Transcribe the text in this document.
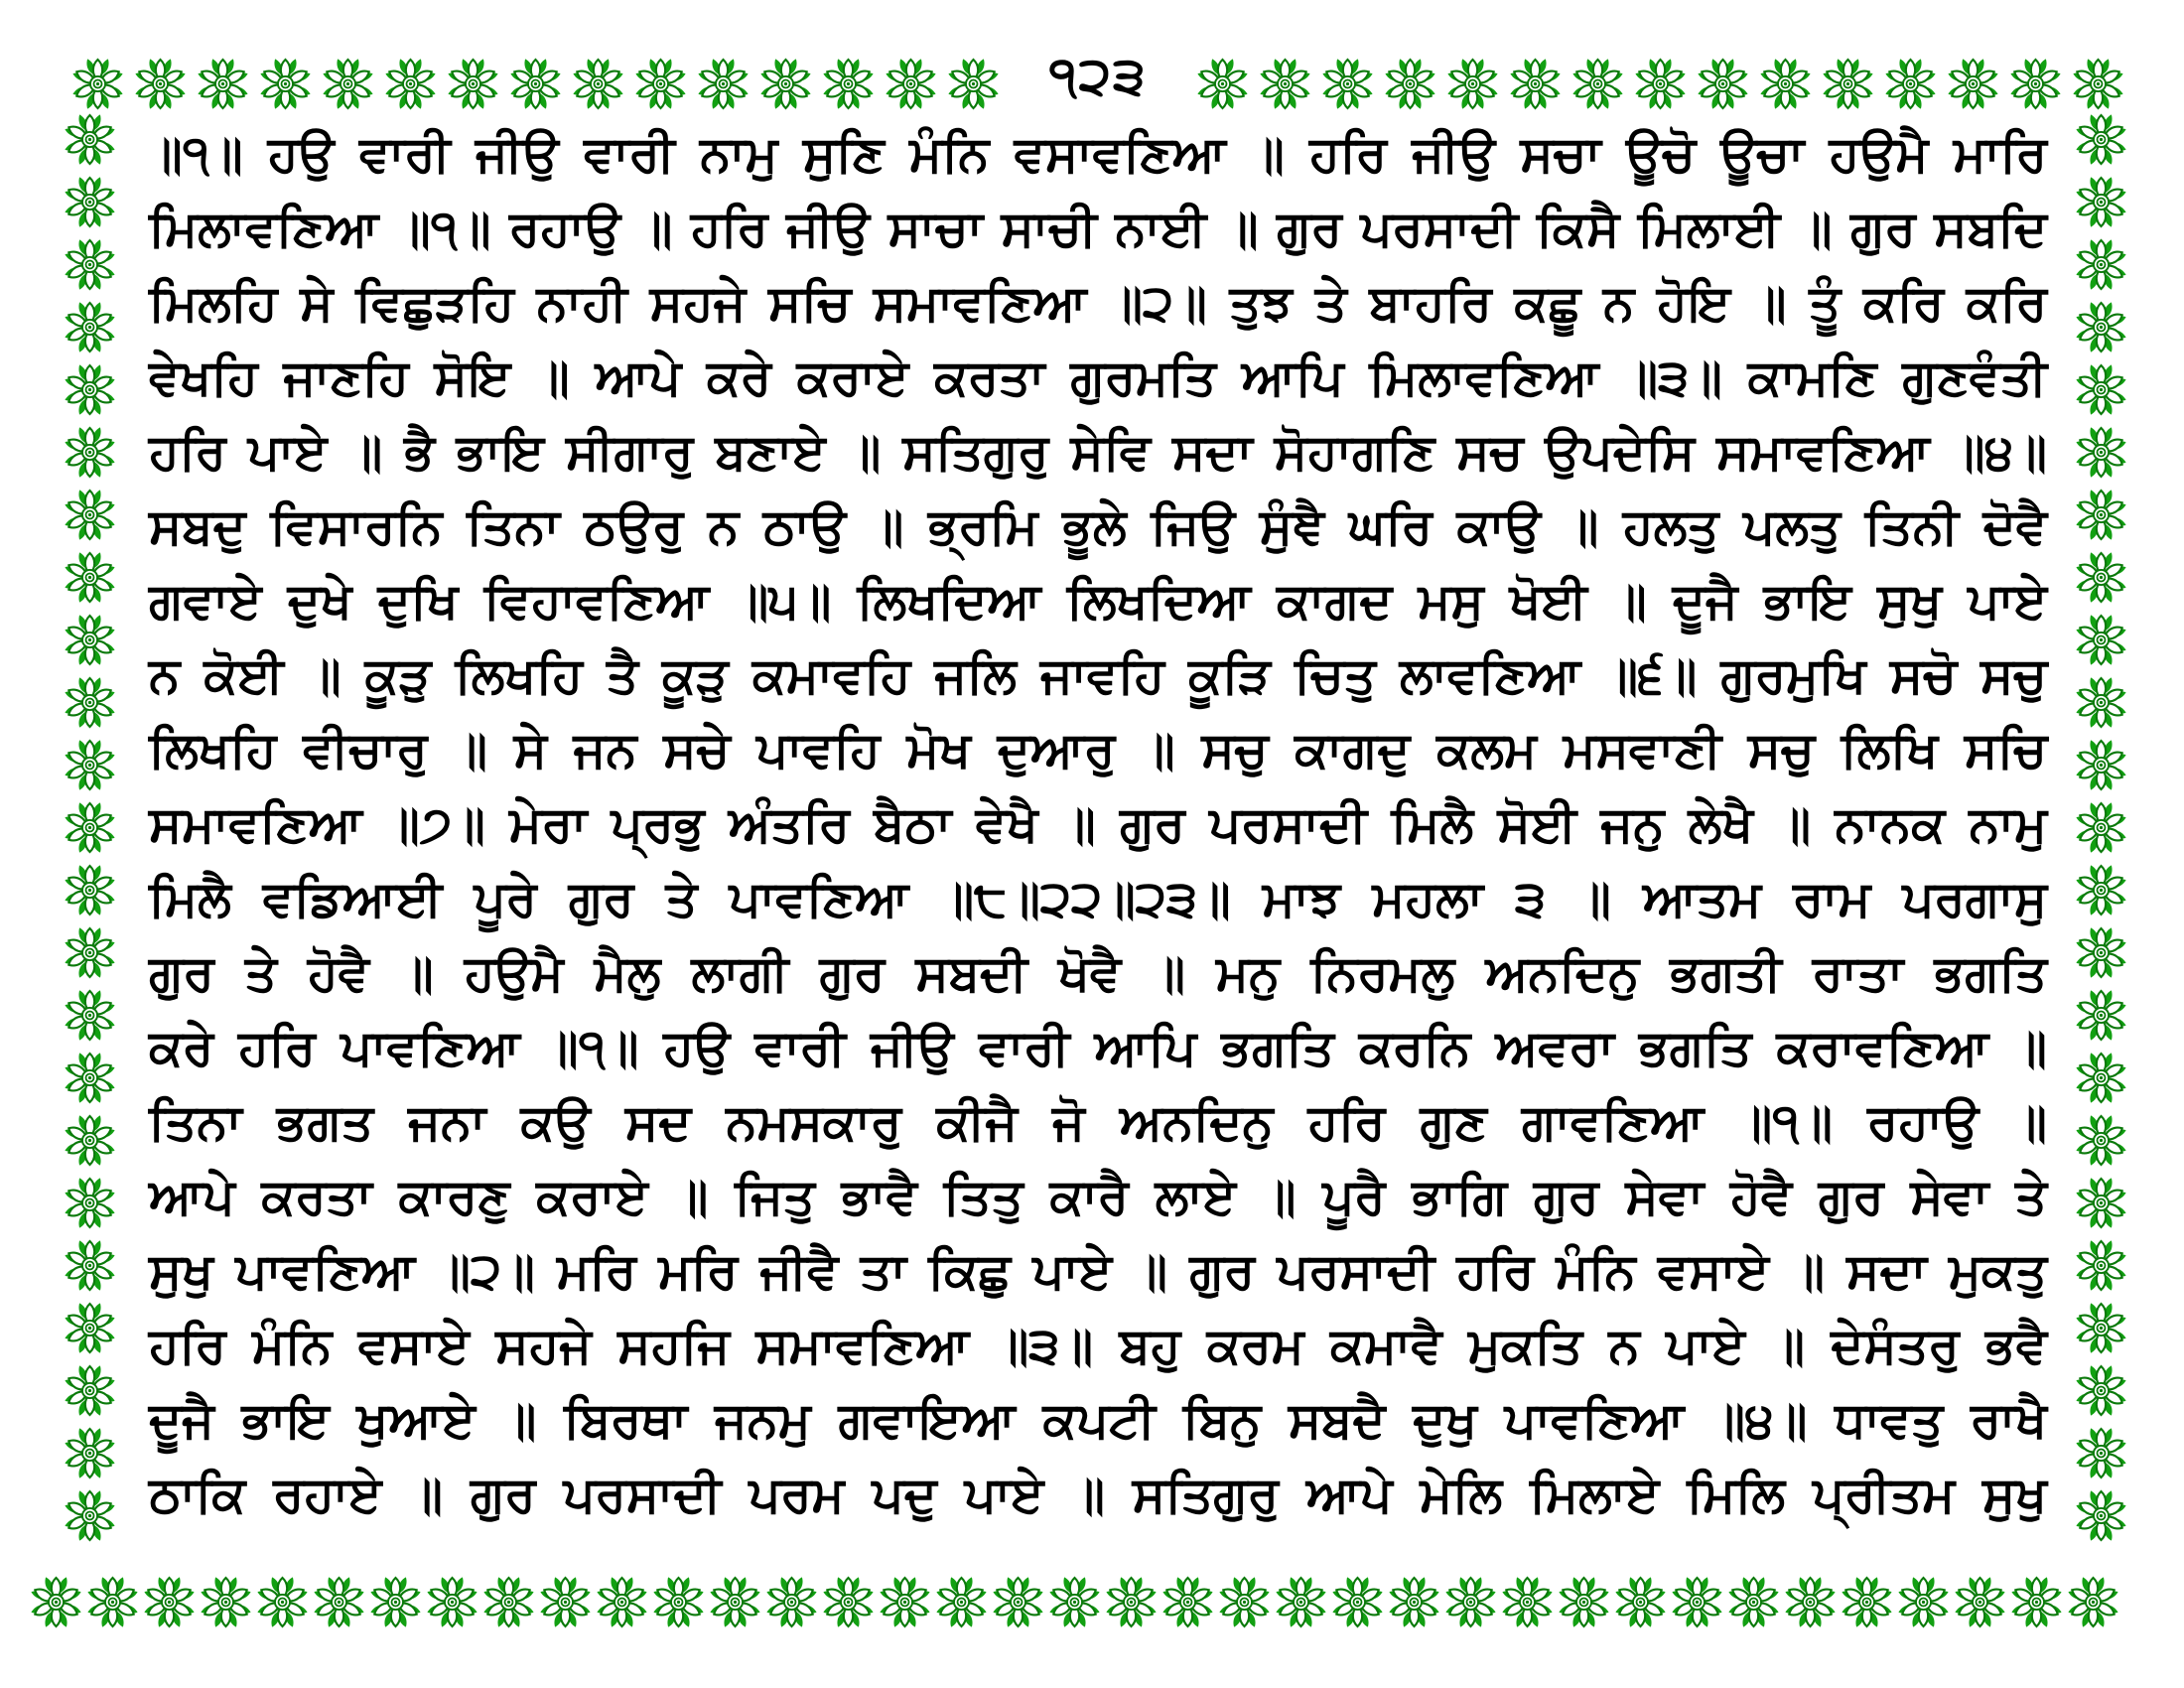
੧੨੩
॥੧॥ ਹਉ ਵਾਰੀ ਜੀਉ ਵਾਰੀ ਨਾਮੁ ਸੁਣਿ ਮੰਨਿ ਵਸਾਵਣਿਆ ॥ ਹਰਿ ਜੀਉ ਸਚਾ ਊਚੋ ਊਚਾ ਹਉਮੈ ਮਾਰਿ
ਮਿਲਾਵਣਿਆ ॥੧॥ ਰਹਾਉ ॥ ਹਰਿ ਜੀਉ ਸਾਚਾ ਸਾਚੀ ਨਾਈ ॥ ਗੁਰ ਪਰਸਾਦੀ ਕਿਸੈ ਮਿਲਾਈ ॥ ਗੁਰ ਸਬਦਿ
ਮਿਲਹਿ ਸੇ ਵਿਛੁੜਹਿ ਨਾਹੀ ਸਹਜੇ ਸਚਿ ਸਮਾਵਣਿਆ ॥੨॥ ਤੁਝ ਤੇ ਬਾਹਰਿ ਕਛੂ ਨ ਹੋਇ ॥ ਤੂੰ ਕਰਿ ਕਰਿ
ਵੇਖਹਿ ਜਾਣਹਿ ਸੋਇ ॥ ਆਪੇ ਕਰੇ ਕਰਾਏ ਕਰਤਾ ਗੁਰਮਤਿ ਆਪਿ ਮਿਲਾਵਣਿਆ ॥੩॥ ਕਾਮਣਿ ਗੁਣਵੰਤੀ
ਹਰਿ ਪਾਏ ॥ ਭੈ ਭਾਇ ਸੀਗਾਰੁ ਬਣਾਏ ॥ ਸਤਿਗੁਰੁ ਸੇਵਿ ਸਦਾ ਸੋਹਾਗਣਿ ਸਚ ਉਪਦੇਸਿ ਸਮਾਵਣਿਆ ॥੪॥
ਸਬਦੁ ਵਿਸਾਰਨਿ ਤਿਨਾ ਠਉਰੁ ਨ ਠਾਉ ॥ ਭ੍ਰਮਿ ਭੂਲੇ ਜਿਉ ਸੁੰਞੈ ਘਰਿ ਕਾਉ ॥ ਹਲਤੁ ਪਲਤੁ ਤਿਨੀ ਦੋਵੈ
ਗਵਾਏ ਦੁਖੇ ਦੁਖਿ ਵਿਹਾਵਣਿਆ ॥੫॥ ਲਿਖਦਿਆ ਲਿਖਦਿਆ ਕਾਗਦ ਮਸੁ ਖੋਈ ॥ ਦੂਜੈ ਭਾਇ ਸੁਖੁ ਪਾਏ
ਨ ਕੋਈ ॥ ਕੂੜੁ ਲਿਖਹਿ ਤੈ ਕੂੜੁ ਕਮਾਵਹਿ ਜਲਿ ਜਾਵਹਿ ਕੂੜਿ ਚਿਤੁ ਲਾਵਣਿਆ ॥੬॥ ਗੁਰਮੁਖਿ ਸਚੋ ਸਚੁ
ਲਿਖਹਿ ਵੀਚਾਰੁ ॥ ਸੇ ਜਨ ਸਚੇ ਪਾਵਹਿ ਮੋਖ ਦੁਆਰੁ ॥ ਸਚੁ ਕਾਗਦੁ ਕਲਮ ਮਸਵਾਣੀ ਸਚੁ ਲਿਖਿ ਸਚਿ
ਸਮਾਵਣਿਆ ॥੭॥ ਮੇਰਾ ਪ੍ਰਭੁ ਅੰਤਰਿ ਬੈਠਾ ਵੇਖੈ ॥ ਗੁਰ ਪਰਸਾਦੀ ਮਿਲੈ ਸੋਈ ਜਨੁ ਲੇਖੈ ॥ ਨਾਨਕ ਨਾਮੁ
ਮਿਲੈ ਵਡਿਆਈ ਪੂਰੇ ਗੁਰ ਤੇ ਪਾਵਣਿਆ ॥੮॥੨੨॥੨੩॥ ਮਾਝ ਮਹਲਾ ੩ ॥ ਆਤਮ ਰਾਮ ਪਰਗਾਸੁ
ਗੁਰ ਤੇ ਹੋਵੈ ॥ ਹਉਮੈ ਮੈਲੁ ਲਾਗੀ ਗੁਰ ਸਬਦੀ ਖੋਵੈ ॥ ਮਨੁ ਨਿਰਮਲੁ ਅਨਦਿਨੁ ਭਗਤੀ ਰਾਤਾ ਭਗਤਿ
ਕਰੇ ਹਰਿ ਪਾਵਣਿਆ ॥੧॥ ਹਉ ਵਾਰੀ ਜੀਉ ਵਾਰੀ ਆਪਿ ਭਗਤਿ ਕਰਨਿ ਅਵਰਾ ਭਗਤਿ ਕਰਾਵਣਿਆ ॥
ਤਿਨਾ ਭਗਤ ਜਨਾ ਕਉ ਸਦ ਨਮਸਕਾਰੁ ਕੀਜੈ ਜੋ ਅਨਦਿਨੁ ਹਰਿ ਗੁਣ ਗਾਵਣਿਆ ॥੧॥ ਰਹਾਉ ॥
ਆਪੇ ਕਰਤਾ ਕਾਰਣੁ ਕਰਾਏ ॥ ਜਿਤੁ ਭਾਵੈ ਤਿਤੁ ਕਾਰੈ ਲਾਏ ॥ ਪੂਰੈ ਭਾਗਿ ਗੁਰ ਸੇਵਾ ਹੋਵੈ ਗੁਰ ਸੇਵਾ ਤੇ
ਸੁਖੁ ਪਾਵਣਿਆ ॥੨॥ ਮਰਿ ਮਰਿ ਜੀਵੈ ਤਾ ਕਿਛੁ ਪਾਏ ॥ ਗੁਰ ਪਰਸਾਦੀ ਹਰਿ ਮੰਨਿ ਵਸਾਏ ॥ ਸਦਾ ਮੁਕਤੁ
ਹਰਿ ਮੰਨਿ ਵਸਾਏ ਸਹਜੇ ਸਹਜਿ ਸਮਾਵਣਿਆ ॥੩॥ ਬਹੁ ਕਰਮ ਕਮਾਵੈ ਮੁਕਤਿ ਨ ਪਾਏ ॥ ਦੇਸੰਤਰੁ ਭਵੈ
ਦੂਜੈ ਭਾਇ ਖੁਆਏ ॥ ਬਿਰਥਾ ਜਨਮੁ ਗਵਾਇਆ ਕਪਟੀ ਬਿਨੁ ਸਬਦੈ ਦੁਖੁ ਪਾਵਣਿਆ ॥੪॥ ਧਾਵਤੁ ਰਾਖੈ
ਠਾਕਿ ਰਹਾਏ ॥ ਗੁਰ ਪਰਸਾਦੀ ਪਰਮ ਪਦੁ ਪਾਏ ॥ ਸਤਿਗੁਰੁ ਆਪੇ ਮੇਲਿ ਮਿਲਾਏ ਮਿਲਿ ਪ੍ਰੀਤਮ ਸੁਖੁ
